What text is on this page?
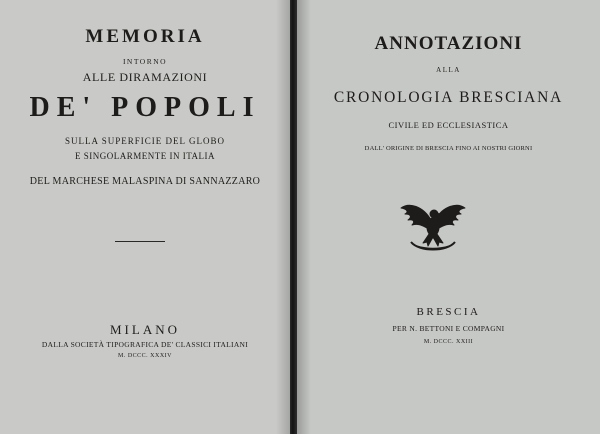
MEMORIA
INTORNO
ALLE DIRAMAZIONI
DE' POPOLI
SULLA SUPERFICIE DEL GLOBO
E SINGOLARMENTE IN ITALIA
DEL MARCHESE MALASPINA DI SANNAZZARO
MILANO
DALLA SOCIETÀ TIPOGRAFICA DE' CLASSICI ITALIANI
M. DCCC. XXXIV
ANNOTAZIONI
ALLA
CRONOLOGIA BRESCIANA
CIVILE ED ECCLESIASTICA
DALL' ORIGINE DI BRESCIA FINO AI NOSTRI GIORNI
BRESCIA
PER N. BETTONI E COMPAGNI
M. DCCC. XXIII
